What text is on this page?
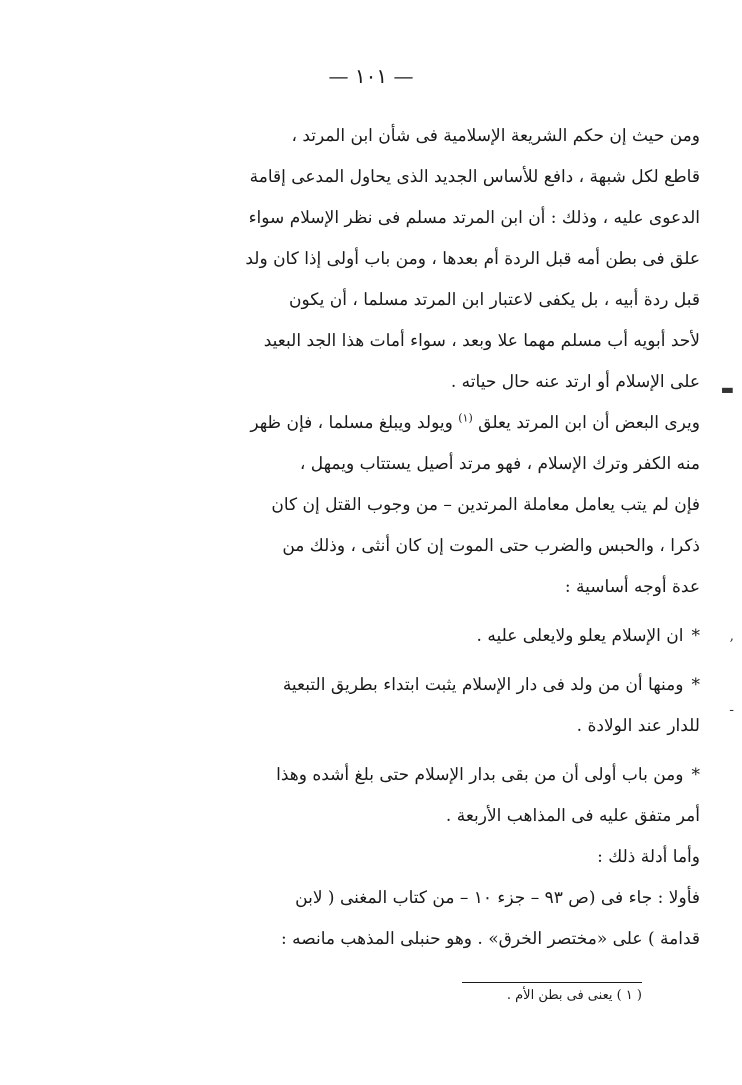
— ١٠١ —

ومن حيث إن حكم الشريعة الإسلامية فى شأن ابن المرتد ،

قاطع لكل شبهة ، دافع للأساس الجديد الذى يحاول المدعى إقامة

الدعوى عليه ، وذلك : أن ابن المرتد مسلم فى نظر الإسلام سواء

علق فى بطن أمه قبل الردة أم بعدها ، ومن باب أولى إذا كان ولد

قبل ردة أبيه ، بل يكفى لاعتبار ابن المرتد مسلما ، أن يكون

لأحد أبويه أب مسلم مهما علا وبعد ، سواء أمات هذا الجد البعيد

على الإسلام أو ارتد عنه حال حياته .

ويرى البعض أن ابن المرتد يعلق $^{(١)}$ ويولد ويبلغ مسلما ، فإن ظهر

منه الكفر وترك الإسلام ، فهو مرتد أصيل يستتاب ويمهل ،

فإن لم يتب يعامل معاملة المرتدين – من وجوب القتل إن كان

ذكرا ، والحبس والضرب حتى الموت إن كان أنثى ، وذلك من

عدة أوجه أساسية :

* ان الإسلام يعلو ولايعلى عليه .

* ومنها أن من ولد فى دار الإسلام يثبت ابتداء بطريق التبعية

للدار عند الولادة .

* ومن باب أولى أن من بقى بدار الإسلام حتى بلغ أشده وهذا

أمر متفق عليه فى المذاهب الأربعة .

وأما أدلة ذلك :

فأولا : جاء فى (ص ٩٣ – جزء ١٠ – من كتاب المغنى ( لابن

قدامة ) على «مختصر الخرق» . وهو حنبلى المذهب مانصه :

( ١ ) يعنى فى بطن الأم .
▬
‚
‐
